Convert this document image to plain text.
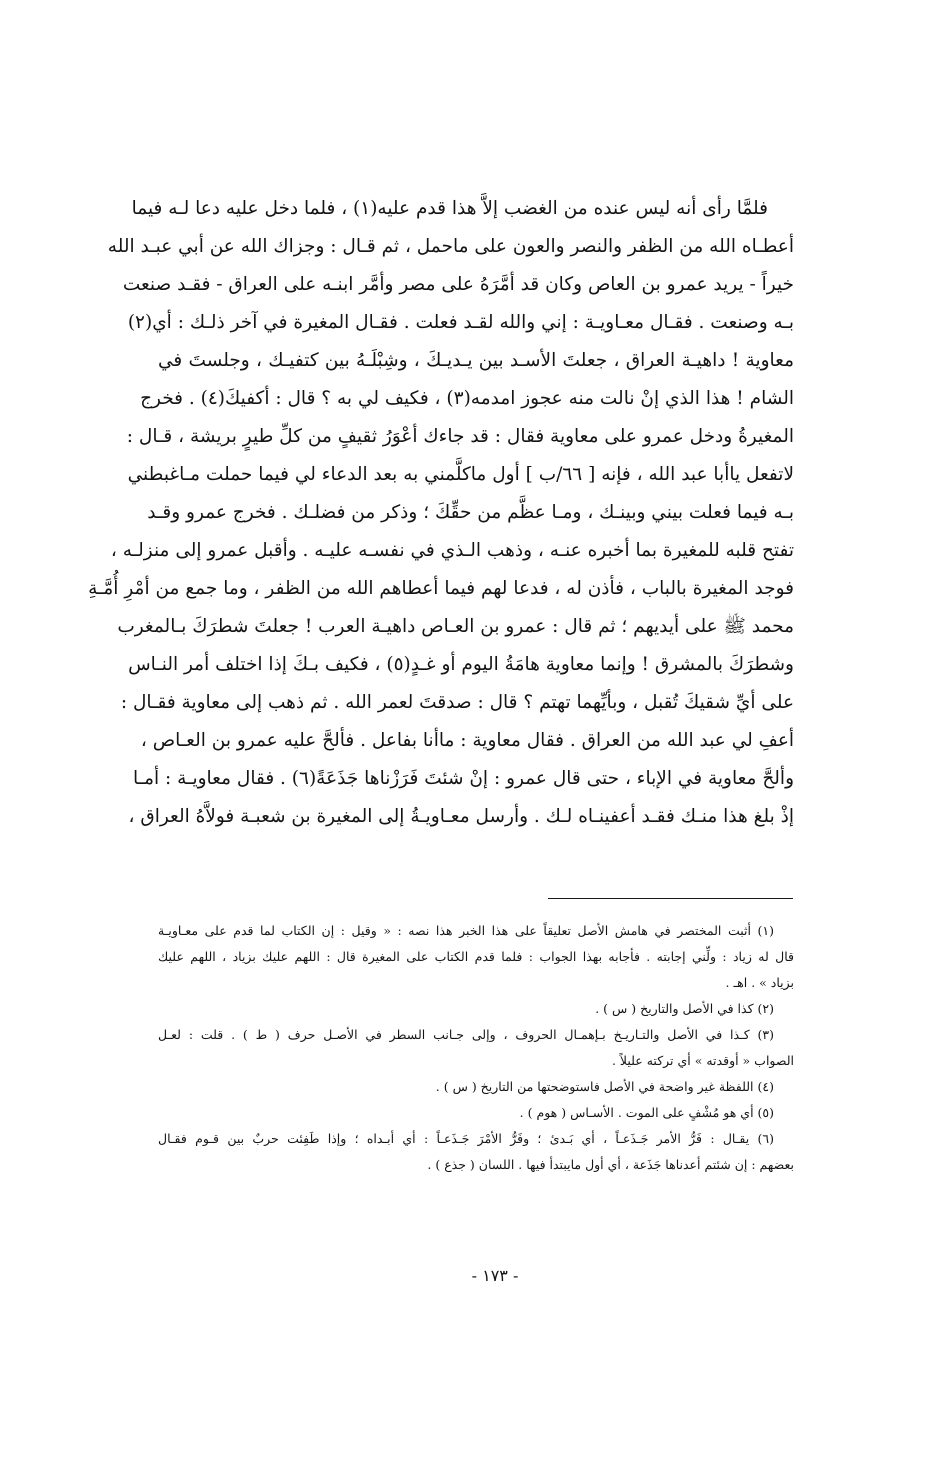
فلمَّا رأى أنه ليس عنده من الغضب إلاَّ هذا قدم عليه(١) ، فلما دخل عليه دعا لـه فيما
أعطـاه الله من الظفر والنصر والعون على ماحمل ، ثم قـال : وجزاك الله عن أبي عبـد الله
خيراً - يريد عمرو بن العاص وكان قد أمَّرَهُ على مصر وأمَّر ابنـه على العراق - فقـد صنعت
بـه وصنعت . فقـال معـاويـة : إني والله لقـد فعلت . فقـال المغيرة في آخر ذلـك : أي(٢)
معاوية ! داهيـة العراق ، جعلتَ الأسـد بين يـديـكَ ، وشِبْلَـهُ بين كتفيـك ، وجلستَ في
الشام ! هذا الذي إنْ نالت منه عجوز امدمه(٣) ، فكيف لي به ؟ قال : أكفيكَ(٤) . فخرج
المغيرةُ ودخل عمرو على معاوية فقال : قد جاءك أعْوَرُ ثقيفٍ من كلِّ طيرٍ بريشة ، قـال :
لاتفعل ياأبا عبد الله ، فإنه [ ٦٦/ب ] أول ماكلَّمني به بعد الدعاء لي فيما حملت مـاغبطني
بـه فيما فعلت بيني وبينـك ، ومـا عظَّم من حقِّكَ ؛ وذكر من فضلـك . فخرج عمرو وقـد
تفتح قلبه للمغيرة بما أخبره عنـه ، وذهب الـذي في نفسـه عليـه . وأقبل عمرو إلى منزلـه ،
فوجد المغيرة بالباب ، فأذن له ، فدعا لهم فيما أعطاهم الله من الظفر ، وما جمع من أمْرِ أُمَّـةِ
محمد ﷺ على أيديهم ؛ ثم قال : عمرو بن العـاص داهيـة العرب ! جعلتَ شطرَكَ بـالمغرب
وشطرَكَ بالمشرق ! وإنما معاوية هامَةُ اليوم أو غـدٍ(٥) ، فكيف بـكَ إذا اختلف أمر النـاس
على أيِّ شقيكَ تُقبل ، وبأيِّهما تهتم ؟ قال : صدقتَ لعمر الله . ثم ذهب إلى معاوية فقـال :
أعفِ لي عبد الله من العراق . فقال معاوية : ماأنا بفاعل . فألحَّ عليه عمرو بن العـاص ،
وألحَّ معاوية في الإباء ، حتى قال عمرو : إنْ شئتَ فَرَزْناها جَذَعَةً(٦) . فقال معاويـة : أمـا
إذْ بلغ هذا منـك فقـد أعفينـاه لـك . وأرسل معـاويـةُ إلى المغيرة بن شعبـة فولاَّهُ العراق ،
(١) أثبت المختصر في هامش الأصل تعليقاً على هذا الخبر هذا نصه : « وقيل : إن الكتاب لما قدم على معـاويـة
قال له زياد : ولِّني إجابته . فأجابه بهذا الجواب : فلما قدم الكتاب على المغيرة قال : اللهم عليك بزياد ، اللهم عليك
بزياد » . اهـ .
(٢) كذا في الأصل والتاريخ ( س ) .
(٣) كـذا في الأصل والتـاريـخ بـإهمـال الحروف ، وإلى جـانب السطر في الأصـل حرف ( ط ) . قلت : لعـل
الصواب « أوقدته » أي تركته عليلاً .
(٤) اللفظة غير واضحة في الأصل فاستوضحتها من التاريخ ( س ) .
(٥) أي هو مُشْفٍ على الموت . الأسـاس ( هوم ) .
(٦) يقـال : فَرُّ الأمر جَـذَعـاً ، أي بَـدئ ؛ وفَرُّ الأمْرَ جَـذَعـاً : أي أبـداه ؛ وإذا طَفِئت حربٌ بين قـوم فقـال
بعضهم : إن شئتم أعدناها جَذَعة ، أي أول مايبتدأ فيها . اللسان ( جذع ) .
- ١٧٣ -
